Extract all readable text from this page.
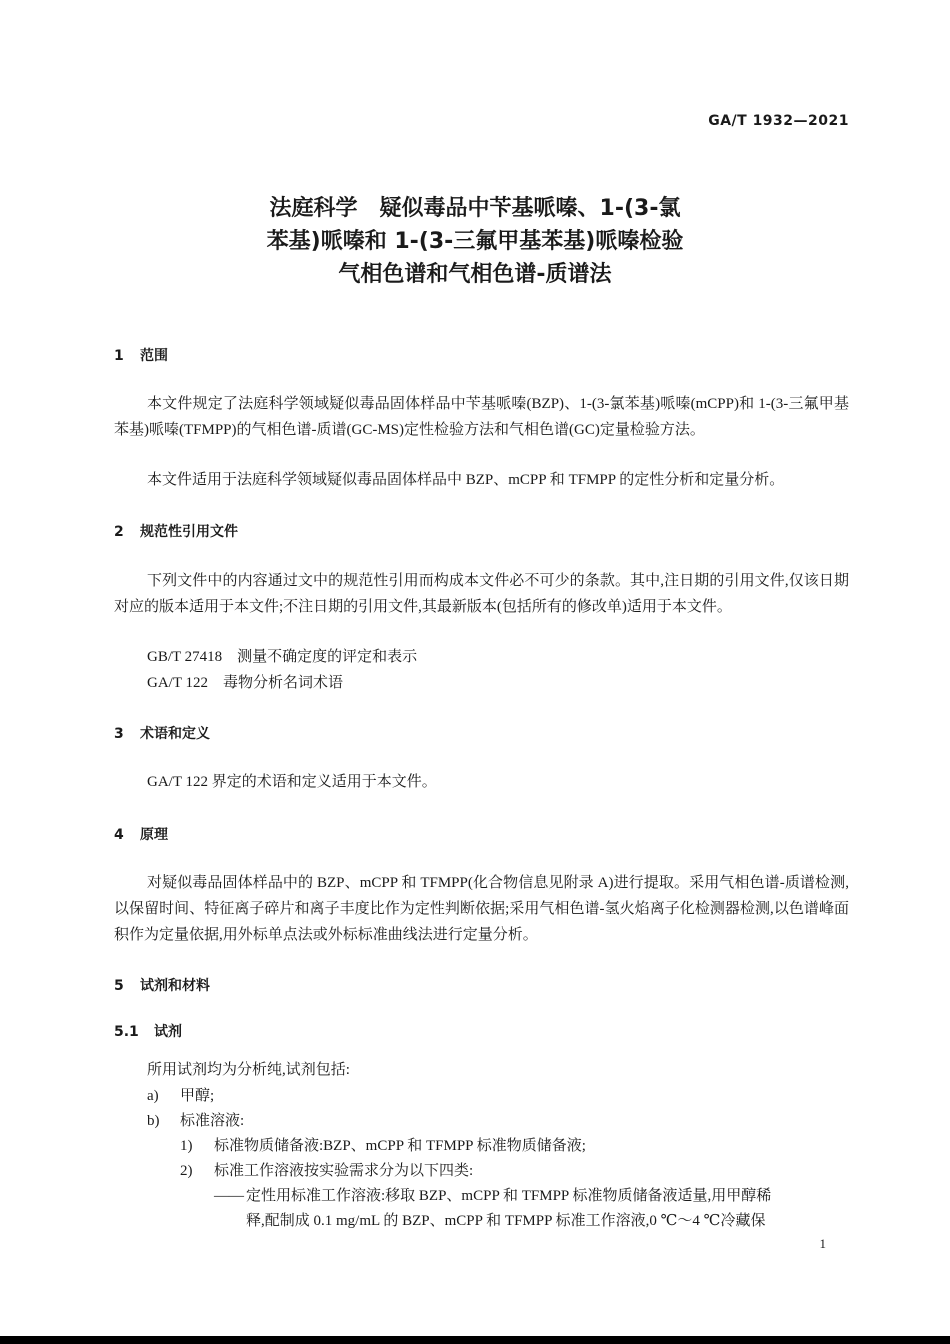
GA/T 1932—2021
法庭科学　疑似毒品中苄基哌嗪、1-(3-氯
苯基)哌嗪和 1-(3-三氟甲基苯基)哌嗪检验
气相色谱和气相色谱-质谱法
1 范围
本文件规定了法庭科学领域疑似毒品固体样品中苄基哌嗪(BZP)、1-(3-氯苯基)哌嗪(mCPP)和 1-(3-三氟甲基苯基)哌嗪(TFMPP)的气相色谱-质谱(GC-MS)定性检验方法和气相色谱(GC)定量检验方法。
本文件适用于法庭科学领域疑似毒品固体样品中 BZP、mCPP 和 TFMPP 的定性分析和定量分析。
2 规范性引用文件
下列文件中的内容通过文中的规范性引用而构成本文件必不可少的条款。其中,注日期的引用文件,仅该日期对应的版本适用于本文件;不注日期的引用文件,其最新版本(包括所有的修改单)适用于本文件。
GB/T 27418　测量不确定度的评定和表示
GA/T 122　毒物分析名词术语
3 术语和定义
GA/T 122 界定的术语和定义适用于本文件。
4 原理
对疑似毒品固体样品中的 BZP、mCPP 和 TFMPP(化合物信息见附录 A)进行提取。采用气相色谱-质谱检测,以保留时间、特征离子碎片和离子丰度比作为定性判断依据;采用气相色谱-氢火焰离子化检测器检测,以色谱峰面积作为定量依据,用外标单点法或外标标准曲线法进行定量分析。
5 试剂和材料
5.1 试剂
所用试剂均为分析纯,试剂包括:
a) 甲醇;
b) 标准溶液:
1) 标准物质储备液:BZP、mCPP 和 TFMPP 标准物质储备液;
2) 标准工作溶液按实验需求分为以下四类:
—— 定性用标准工作溶液:移取 BZP、mCPP 和 TFMPP 标准物质储备液适量,用甲醇稀
释,配制成 0.1 mg/mL 的 BZP、mCPP 和 TFMPP 标准工作溶液,0 ℃～4 ℃冷藏保
1
